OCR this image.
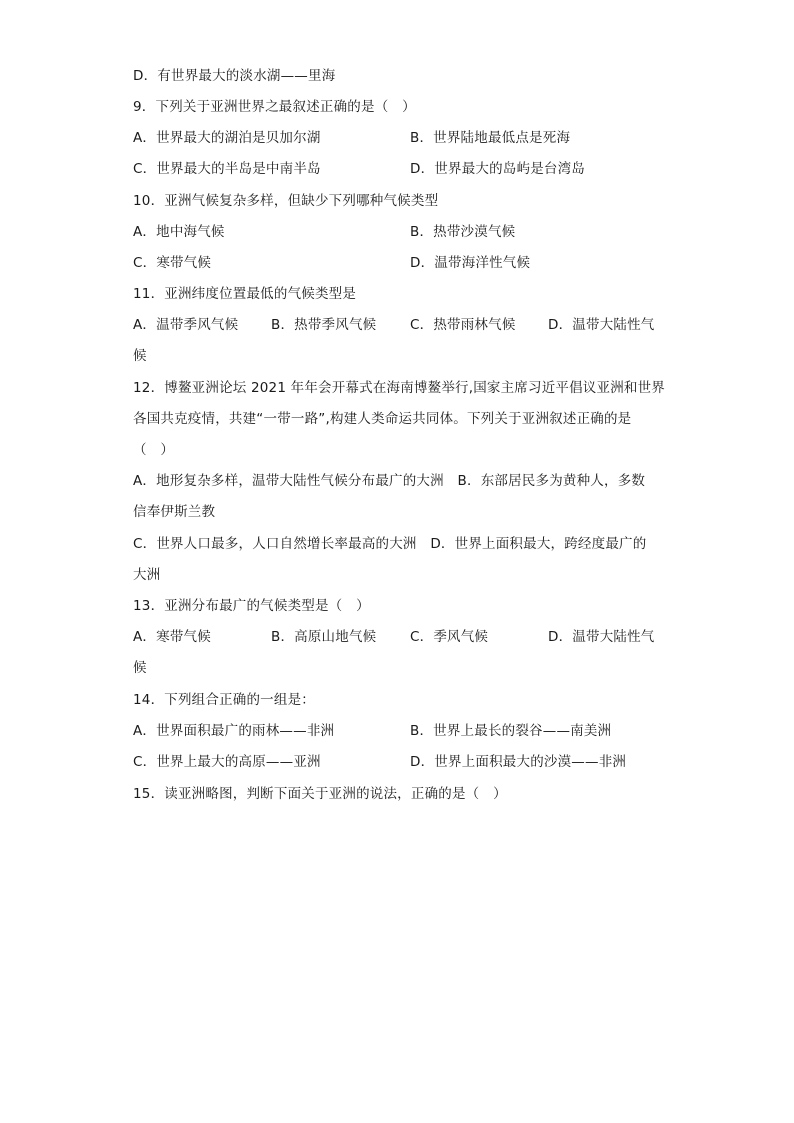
D．有世界最大的淡水湖——里海
9．下列关于亚洲世界之最叙述正确的是（　）
A．世界最大的湖泊是贝加尔湖	B．世界陆地最低点是死海
C．世界最大的半岛是中南半岛	D．世界最大的岛屿是台湾岛
10．亚洲气候复杂多样，但缺少下列哪种气候类型
A．地中海气候	B．热带沙漠气候
C．寒带气候	D．温带海洋性气候
11．亚洲纬度位置最低的气候类型是
A．温带季风气候 B．热带季风气候 C．热带雨林气候 D．温带大陆性气
候
12．博鳌亚洲论坛 2021 年年会开幕式在海南博鳌举行,国家主席习近平倡议亚洲和世界
各国共克疫情，共建“一带一路”,构建人类命运共同体。下列关于亚洲叙述正确的是
（　）
A．地形复杂多样，温带大陆性气候分布最广的大洲　B．东部居民多为黄种人，多数
信奉伊斯兰教
C．世界人口最多，人口自然增长率最高的大洲　D．世界上面积最大，跨经度最广的
大洲
13．亚洲分布最广的气候类型是（　）
A．寒带气候	B．高原山地气候 C．季风气候	D．温带大陆性气
候
14．下列组合正确的一组是：
A．世界面积最广的雨林——非洲	B．世界上最长的裂谷——南美洲
C．世界上最大的高原——亚洲	D．世界上面积最大的沙漠——非洲
15．读亚洲略图，判断下面关于亚洲的说法，正确的是（　）
